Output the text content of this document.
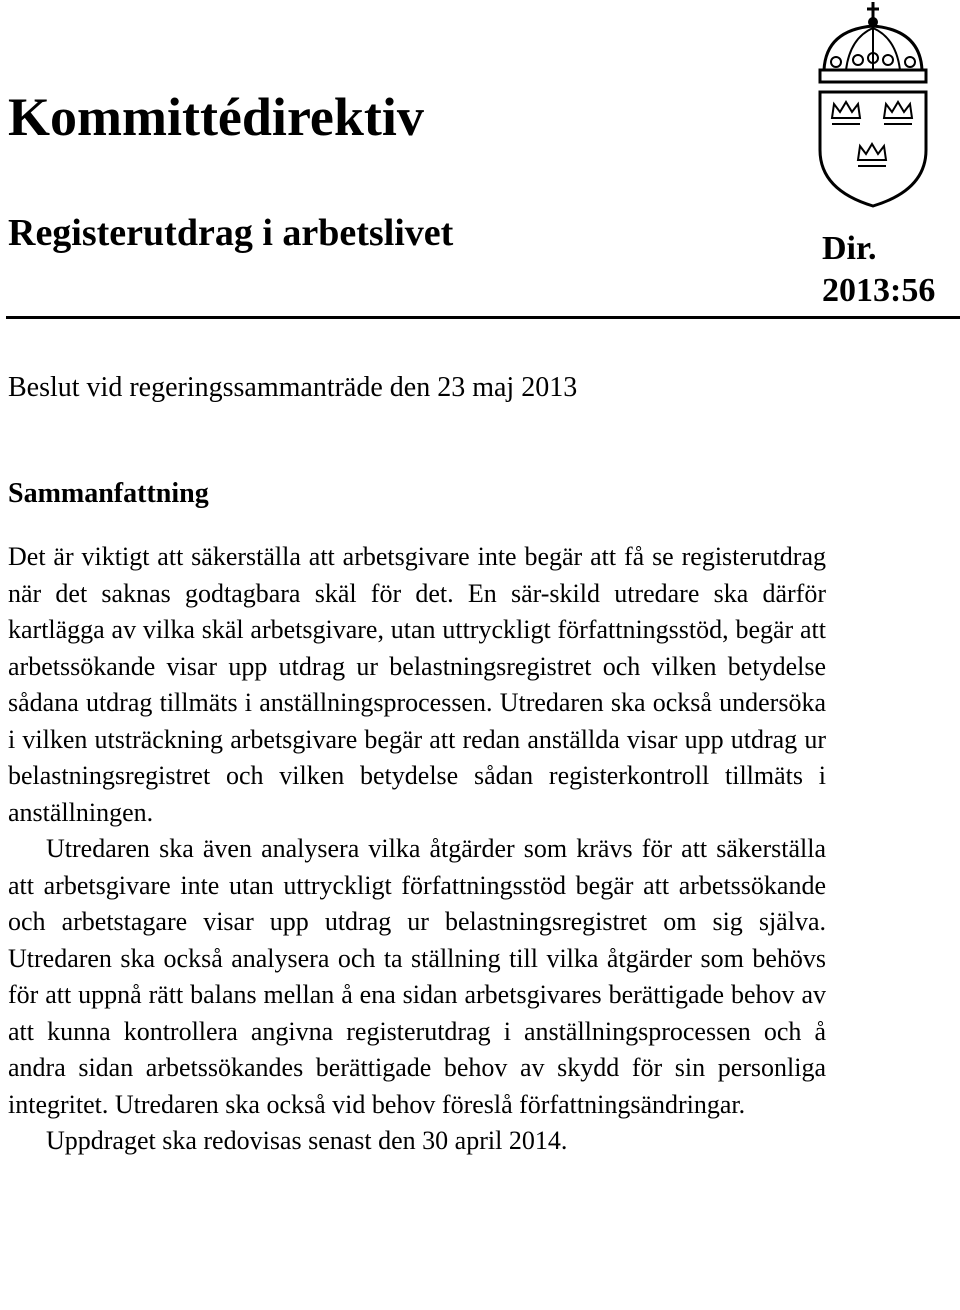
Kommittédirektiv
Registerutdrag i arbetslivet	Dir.
2013:56

Beslut vid regeringssammanträde den 23 maj 2013

Sammanfattning

Det är viktigt att säkerställa att arbetsgivare inte begär att få se registerutdrag när det saknas godtagbara skäl för det. En sär-skild utredare ska därför kartlägga av vilka skäl arbetsgivare, utan uttryckligt författningsstöd, begär att arbetssökande visar upp utdrag ur belastningsregistret och vilken betydelse sådana utdrag tillmäts i anställningsprocessen. Utredaren ska också undersöka i vilken utsträckning arbetsgivare begär att redan anställda visar upp utdrag ur belastningsregistret och vilken betydelse sådan registerkontroll tillmäts i anställningen.

Utredaren ska även analysera vilka åtgärder som krävs för att säkerställa att arbetsgivare inte utan uttryckligt författningsstöd begär att arbetssökande och arbetstagare visar upp utdrag ur belastningsregistret om sig själva. Utredaren ska också analysera och ta ställning till vilka åtgärder som behövs för att uppnå rätt balans mellan å ena sidan arbetsgivares berättigade behov av att kunna kontrollera angivna registerutdrag i anställningsprocessen och å andra sidan arbetssökandes berättigade behov av skydd för sin personliga integritet. Utredaren ska också vid behov föreslå författningsändringar.

Uppdraget ska redovisas senast den 30 april 2014.
